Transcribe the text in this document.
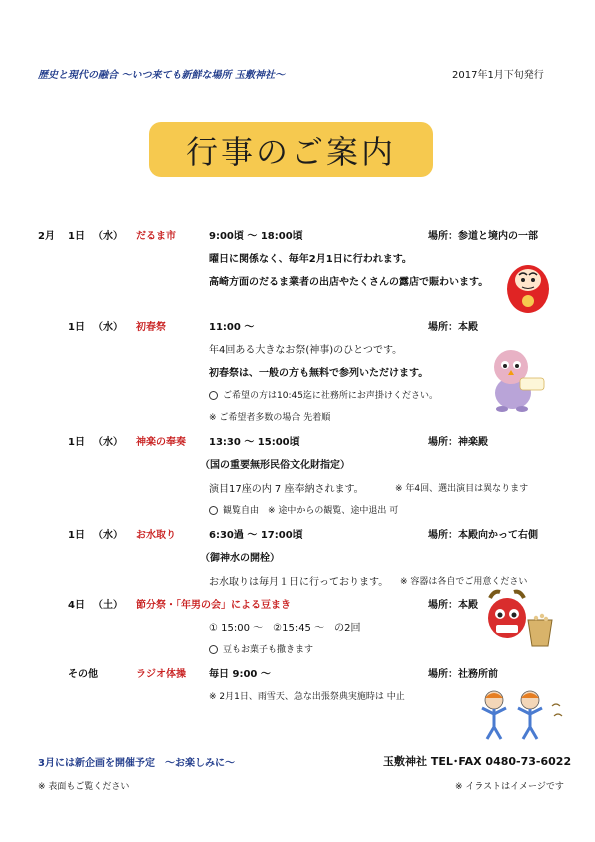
歴史と現代の融合 ～いつ来ても新鮮な場所 玉敷神社～	2017年1月下旬発行
行事のご案内
2月 1日 （水） だるま市	9:00頃 ～ 18:00頃	場所：参道と境内の一部
曜日に関係なく、毎年2月1日に行われます。
高崎方面のだるま業者の出店やたくさんの露店で賑わいます。
1日 （水） 初春祭	11:00 ～	場所：本殿
年4回ある大きなお祭(神事)のひとつです。
初春祭は、一般の方も無料で参列いただけます。
ご希望の方は10:45迄に社務所にお声掛けください。
※ ご希望者多数の場合 先着順
1日 （水） 神楽の奉奏 13:30 ～ 15:00頃	場所：神楽殿
（国の重要無形民俗文化財指定）
演目17座の内 7 座奉納されます。	※ 年4回、選出演目は異なります
観覧自由　※ 途中からの観覧、途中退出 可
1日 （水） お水取り	6:30過 ～ 17:00頃	場所：本殿向かって右側
（御神水の開栓）
お水取りは毎月１日に行っております。 ※ 容器は各自でご用意ください
4日 （土） 節分祭・「年男の会」による豆まき	場所：本殿
① 15:00 ～　②15:45 ～　の2回
豆もお菓子も撒きます
その他	ラジオ体操 毎日 9:00 ～	場所：社務所前
※ 2月1日、雨雪天、急な出張祭典実施時は 中止
3月には新企画を開催予定　～お楽しみに～	玉敷神社 TEL･FAX 0480-73-6022
※ 表面もご覧ください	※ イラストはイメージです
